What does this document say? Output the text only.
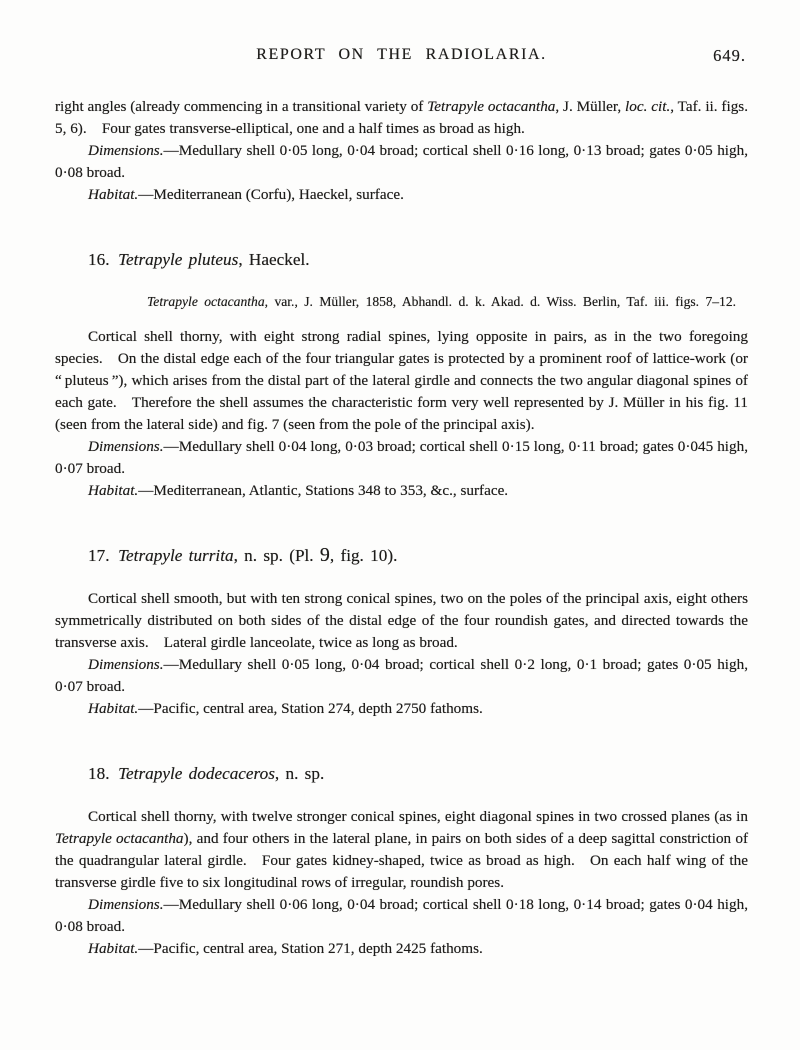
REPORT ON THE RADIOLARIA.	649.

right angles (already commencing in a transitional variety of Tetrapyle octacantha, J. Müller, loc. cit., Taf. ii. figs. 5, 6). Four gates transverse-elliptical, one and a half times as broad as high.

Dimensions.—Medullary shell 0·05 long, 0·04 broad; cortical shell 0·16 long, 0·13 broad; gates 0·05 high, 0·08 broad.

Habitat.—Mediterranean (Corfu), Haeckel, surface.

16. Tetrapyle pluteus, Haeckel.

Tetrapyle octacantha, var., J. Müller, 1858, Abhandl. d. k. Akad. d. Wiss. Berlin, Taf. iii. figs. 7–12.

Cortical shell thorny, with eight strong radial spines, lying opposite in pairs, as in the two foregoing species. On the distal edge each of the four triangular gates is protected by a prominent roof of lattice-work (or “ pluteus ”), which arises from the distal part of the lateral girdle and connects the two angular diagonal spines of each gate. Therefore the shell assumes the characteristic form very well represented by J. Müller in his fig. 11 (seen from the lateral side) and fig. 7 (seen from the pole of the principal axis).

Dimensions.—Medullary shell 0·04 long, 0·03 broad; cortical shell 0·15 long, 0·11 broad; gates 0·045 high, 0·07 broad.

Habitat.—Mediterranean, Atlantic, Stations 348 to 353, &c., surface.

17. Tetrapyle turrita, n. sp. (Pl. 9, fig. 10).

Cortical shell smooth, but with ten strong conical spines, two on the poles of the principal axis, eight others symmetrically distributed on both sides of the distal edge of the four roundish gates, and directed towards the transverse axis. Lateral girdle lanceolate, twice as long as broad.

Dimensions.—Medullary shell 0·05 long, 0·04 broad; cortical shell 0·2 long, 0·1 broad; gates 0·05 high, 0·07 broad.

Habitat.—Pacific, central area, Station 274, depth 2750 fathoms.

18. Tetrapyle dodecaceros, n. sp.

Cortical shell thorny, with twelve stronger conical spines, eight diagonal spines in two crossed planes (as in Tetrapyle octacantha), and four others in the lateral plane, in pairs on both sides of a deep sagittal constriction of the quadrangular lateral girdle. Four gates kidney-shaped, twice as broad as high. On each half wing of the transverse girdle five to six longitudinal rows of irregular, roundish pores.

Dimensions.—Medullary shell 0·06 long, 0·04 broad; cortical shell 0·18 long, 0·14 broad; gates 0·04 high, 0·08 broad.

Habitat.—Pacific, central area, Station 271, depth 2425 fathoms.
